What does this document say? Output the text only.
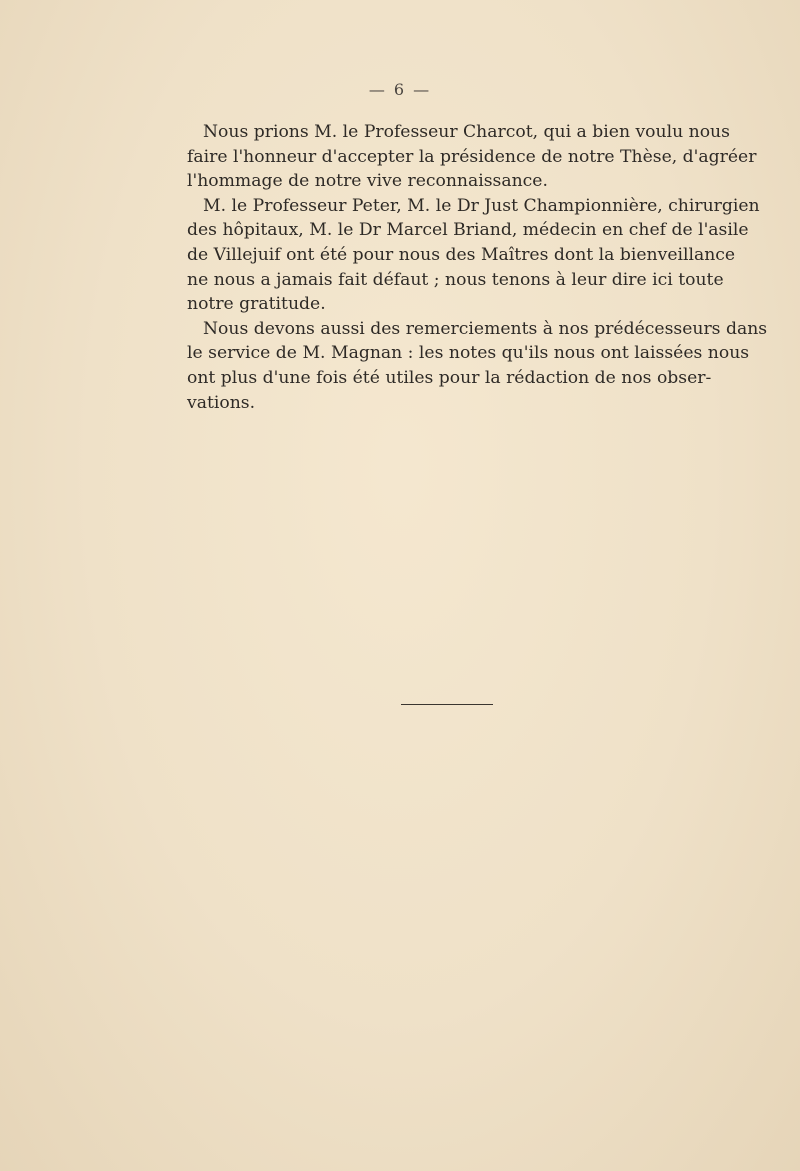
— 6 —
Nous prions M. le Professeur Charcot, qui a bien voulu nous
faire l'honneur d'accepter la présidence de notre Thèse, d'agréer
l'hommage de notre vive reconnaissance.
M. le Professeur Peter, M. le Dr Just Championnière, chirurgien
des hôpitaux, M. le Dr Marcel Briand, médecin en chef de l'asile
de Villejuif ont été pour nous des Maîtres dont la bienveillance
ne nous a jamais fait défaut ; nous tenons à leur dire ici toute
notre gratitude.
Nous devons aussi des remerciements à nos prédécesseurs dans
le service de M. Magnan : les notes qu'ils nous ont laissées nous
ont plus d'une fois été utiles pour la rédaction de nos obser-
vations.
